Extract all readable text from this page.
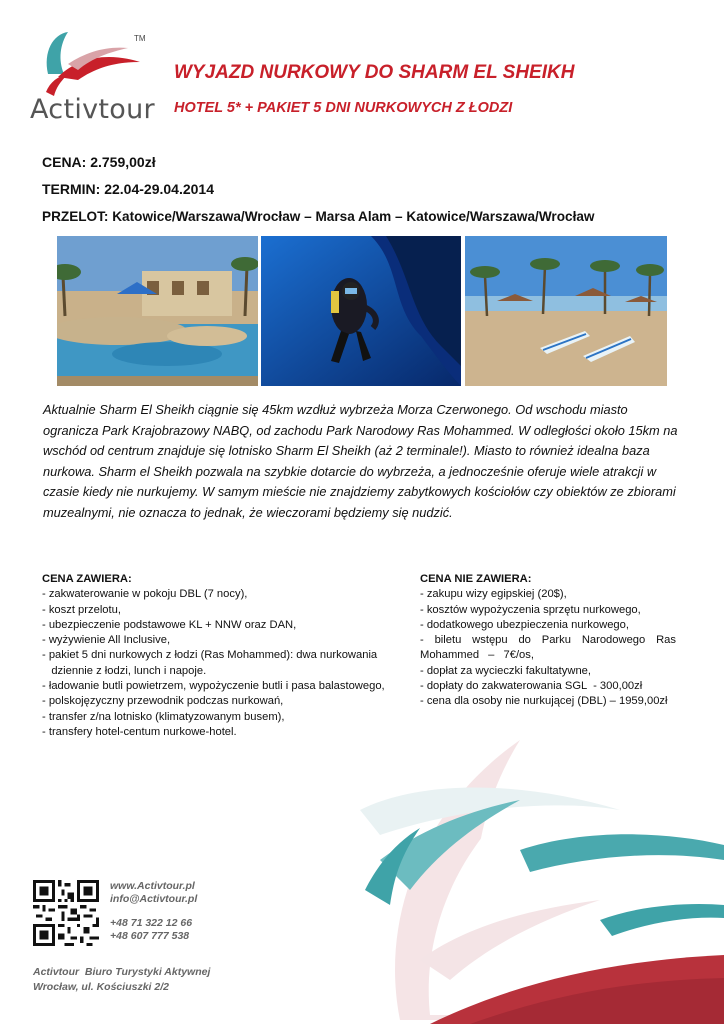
Activtour
TM
WYJAZD NURKOWY DO SHARM EL SHEIKH
HOTEL 5* + PAKIET 5 DNI NURKOWYCH Z ŁODZI
CENA: 2.759,00zł
TERMIN: 22.04-29.04.2014
PRZELOT: Katowice/Warszawa/Wrocław – Marsa Alam – Katowice/Warszawa/Wrocław
Aktualnie Sharm El Sheikh ciągnie się 45km wzdłuż wybrzeża Morza Czerwonego. Od wschodu miasto ogranicza Park Krajobrazowy NABQ, od zachodu Park Narodowy Ras Mohammed. W odległości około 15km na wschód od centrum znajduje się lotnisko Sharm El Sheikh (aż 2 terminale!). Miasto to również idealna baza nurkowa. Sharm el Sheikh pozwala na szybkie dotarcie do wybrzeża, a jednocześnie oferuje wiele atrakcji w czasie kiedy nie nurkujemy. W samym mieście nie znajdziemy zabytkowych kościołów czy obiektów ze zbiorami muzealnymi, nie oznacza to jednak, że wieczorami będziemy się nudzić.
CENA ZAWIERA:
- zakwaterowanie w pokoju DBL (7 nocy),
- koszt przelotu,
- ubezpieczenie podstawowe KL + NNW oraz DAN,
- wyżywienie All Inclusive,
- pakiet 5 dni nurkowych z łodzi (Ras Mohammed): dwa nurkowania
dziennie z łodzi, lunch i napoje.
- ładowanie butli powietrzem, wypożyczenie butli i pasa balastowego,
- polskojęzyczny przewodnik podczas nurkowań,
- transfer z/na lotnisko (klimatyzowanym busem),
- transfery hotel-centum nurkowe-hotel.
CENA NIE ZAWIERA:
- zakupu wizy egipskiej (20$),
- kosztów wypożyczenia sprzętu nurkowego,
- dodatkowego ubezpieczenia nurkowego,
- biletu wstępu do Parku Narodowego Ras Mohammed – 7€/os,
- dopłat za wycieczki fakultatywne,
- dopłaty do zakwaterowania SGL  - 300,00zł
- cena dla osoby nie nurkującej (DBL) – 1959,00zł
www.Activtour.pl
info@Activtour.pl
+48 71 322 12 66
+48 607 777 538
Activtour  Biuro Turystyki Aktywnej
Wrocław, ul. Kościuszki 2/2
